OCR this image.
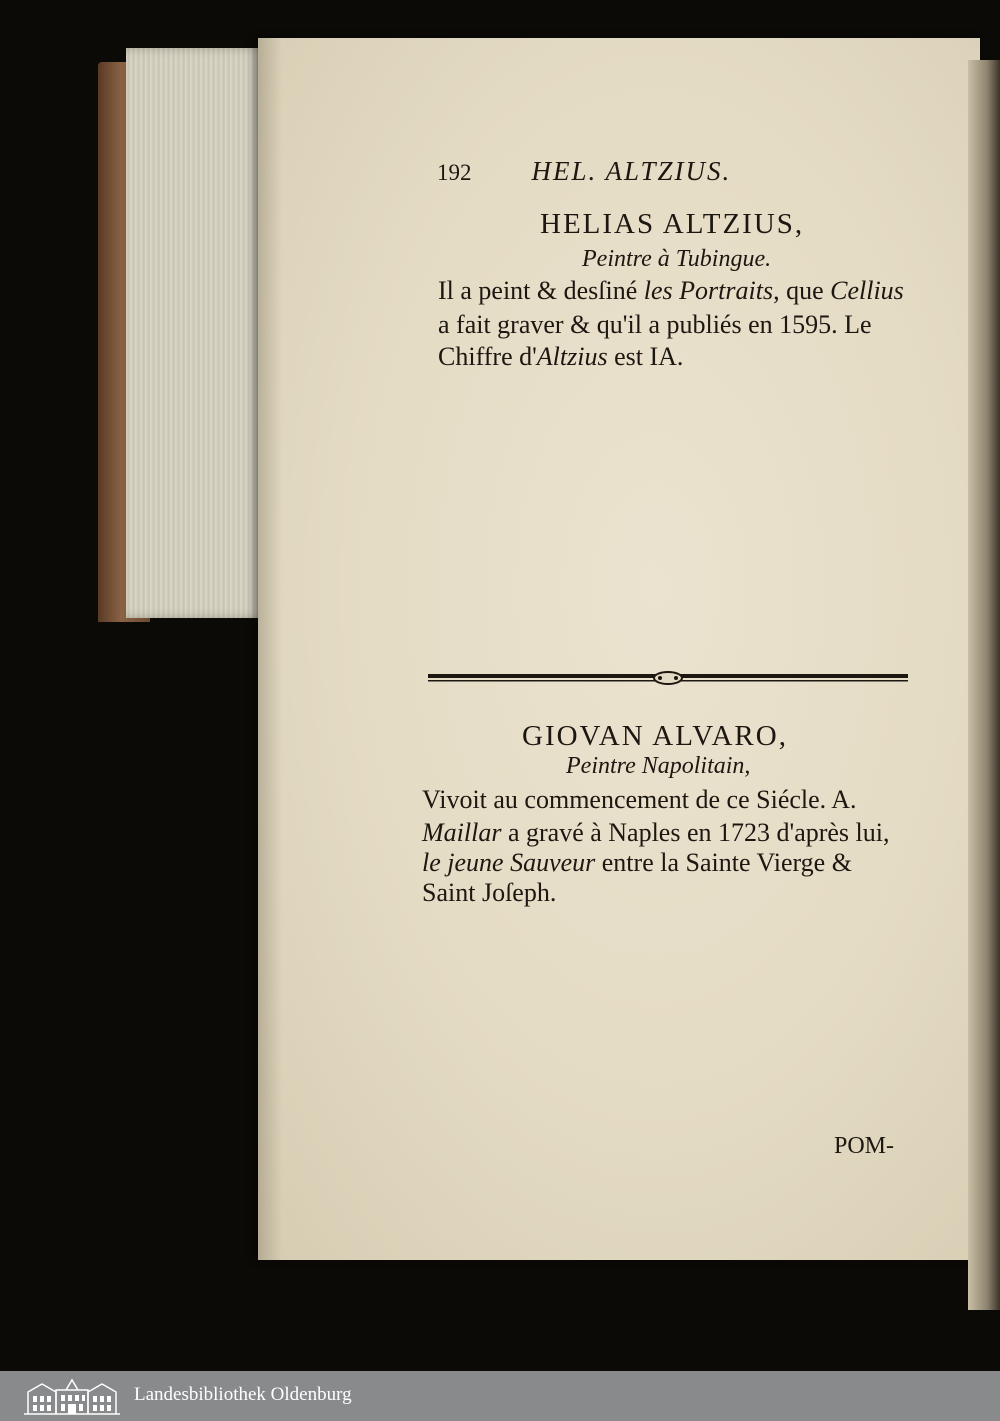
192 HEL. ALTZIUS.
HELIAS ALTZIUS,
Peintre à Tubingue.
Il a peint & desſiné les Portraits, que Cellius
a fait graver & qu'il a publiés en 1595. Le
Chiffre d'Altzius est IA.
GIOVAN ALVARO,
Peintre Napolitain,
Vivoit au commencement de ce Siécle. A.
Maillar a gravé à Naples en 1723 d'après lui,
le jeune Sauveur entre la Sainte Vierge &
Saint Joſeph.
POM-
Landesbibliothek Oldenburg
